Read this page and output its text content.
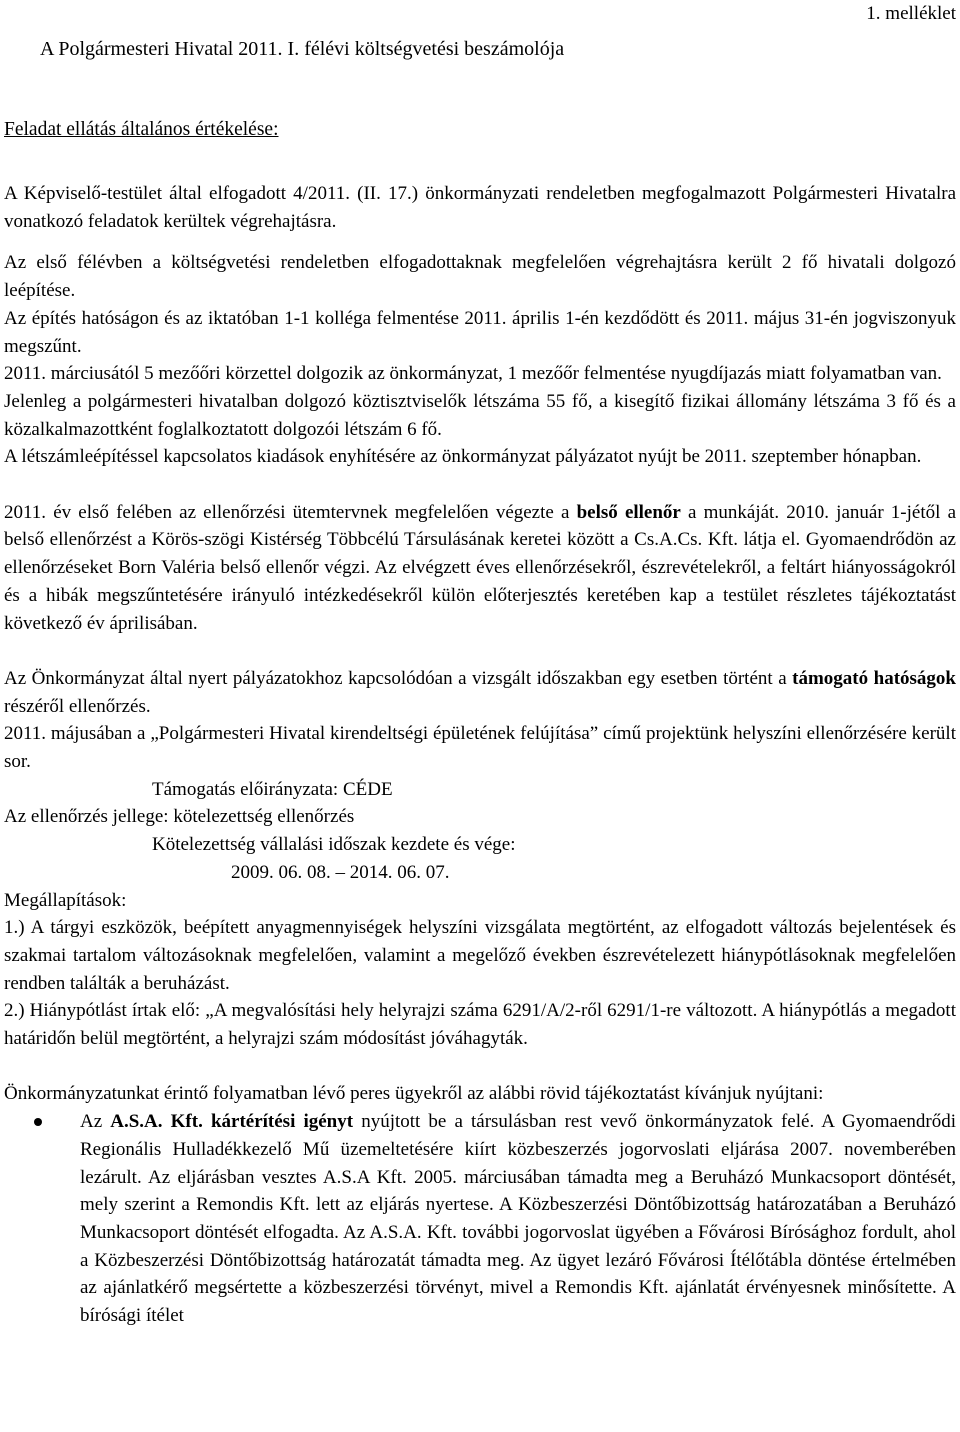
1. melléklet
A Polgármesteri Hivatal 2011. I. félévi költségvetési beszámolója
Feladat ellátás általános értékelése:

A Képviselő-testület által elfogadott 4/2011. (II. 17.) önkormányzati rendeletben megfogalmazott Polgármesteri Hivatalra vonatkozó feladatok kerültek végrehajtásra.

Az első félévben a költségvetési rendeletben elfogadottaknak megfelelően végrehajtásra került 2 fő hivatali dolgozó leépítése.

Az építés hatóságon és az iktatóban 1-1 kolléga felmentése 2011. április 1-én kezdődött és 2011. május 31-én jogviszonyuk megszűnt.

2011. márciusától 5 mezőőri körzettel dolgozik az önkormányzat, 1 mezőőr felmentése nyugdíjazás miatt folyamatban van.

Jelenleg a polgármesteri hivatalban dolgozó köztisztviselők létszáma 55 fő, a kisegítő fizikai állomány létszáma 3 fő és a közalkalmazottként foglalkoztatott dolgozói létszám 6 fő.

A létszámleépítéssel kapcsolatos kiadások enyhítésére az önkormányzat pályázatot nyújt be 2011. szeptember hónapban.

2011. év első felében az ellenőrzési ütemtervnek megfelelően végezte a belső ellenőr a munkáját. 2010. január 1-jétől a belső ellenőrzést a Körös-szögi Kistérség Többcélú Társulásának keretei között a Cs.A.Cs. Kft. látja el. Gyomaendrődön az ellenőrzéseket Born Valéria belső ellenőr végzi. Az elvégzett éves ellenőrzésekről, észrevételekről, a feltárt hiányosságokról és a hibák megszűntetésére irányuló intézkedésekről külön előterjesztés keretében kap a testület részletes tájékoztatást következő év áprilisában.

Az Önkormányzat által nyert pályázatokhoz kapcsolódóan a vizsgált időszakban egy esetben történt a támogató hatóságok részéről ellenőrzés.

2011. májusában a „Polgármesteri Hivatal kirendeltségi épületének felújítása” című projektünk helyszíni ellenőrzésére került sor.

Támogatás előirányzata: CÉDE

Az ellenőrzés jellege: kötelezettség ellenőrzés

Kötelezettség vállalási időszak kezdete és vége:

2009. 06. 08. – 2014. 06. 07.

Megállapítások:

1.) A tárgyi eszközök, beépített anyagmennyiségek helyszíni vizsgálata megtörtént, az elfogadott változás bejelentések és szakmai tartalom változásoknak megfelelően, valamint a megelőző években észrevételezett hiánypótlásoknak megfelelően rendben találták a beruházást.

2.) Hiánypótlást írtak elő: „A megvalósítási hely helyrajzi száma 6291/A/2-ről 6291/1-re változott. A hiánypótlás a megadott határidőn belül megtörtént, a helyrajzi szám módosítást jóváhagyták.

Önkormányzatunkat érintő folyamatban lévő peres ügyekről az alábbi rövid tájékoztatást kívánjuk nyújtani:

Az A.S.A. Kft. kártérítési igényt nyújtott be a társulásban rest vevő önkormányzatok felé. A Gyomaendrődi Regionális Hulladékkezelő Mű üzemeltetésére kiírt közbeszerzés jogorvoslati eljárása 2007. novemberében lezárult. Az eljárásban vesztes A.S.A Kft. 2005. márciusában támadta meg a Beruházó Munkacsoport döntését, mely szerint a Remondis Kft. lett az eljárás nyertese. A Közbeszerzési Döntőbizottság határozatában a Beruházó Munkacsoport döntését elfogadta. Az A.S.A. Kft. további jogorvoslat ügyében a Fővárosi Bírósághoz fordult, ahol a Közbeszerzési Döntőbizottság határozatát támadta meg. Az ügyet lezáró Fővárosi Ítélőtábla döntése értelmében az ajánlatkérő megsértette a közbeszerzési törvényt, mivel a Remondis Kft. ajánlatát érvényesnek minősítette. A bírósági ítélet
